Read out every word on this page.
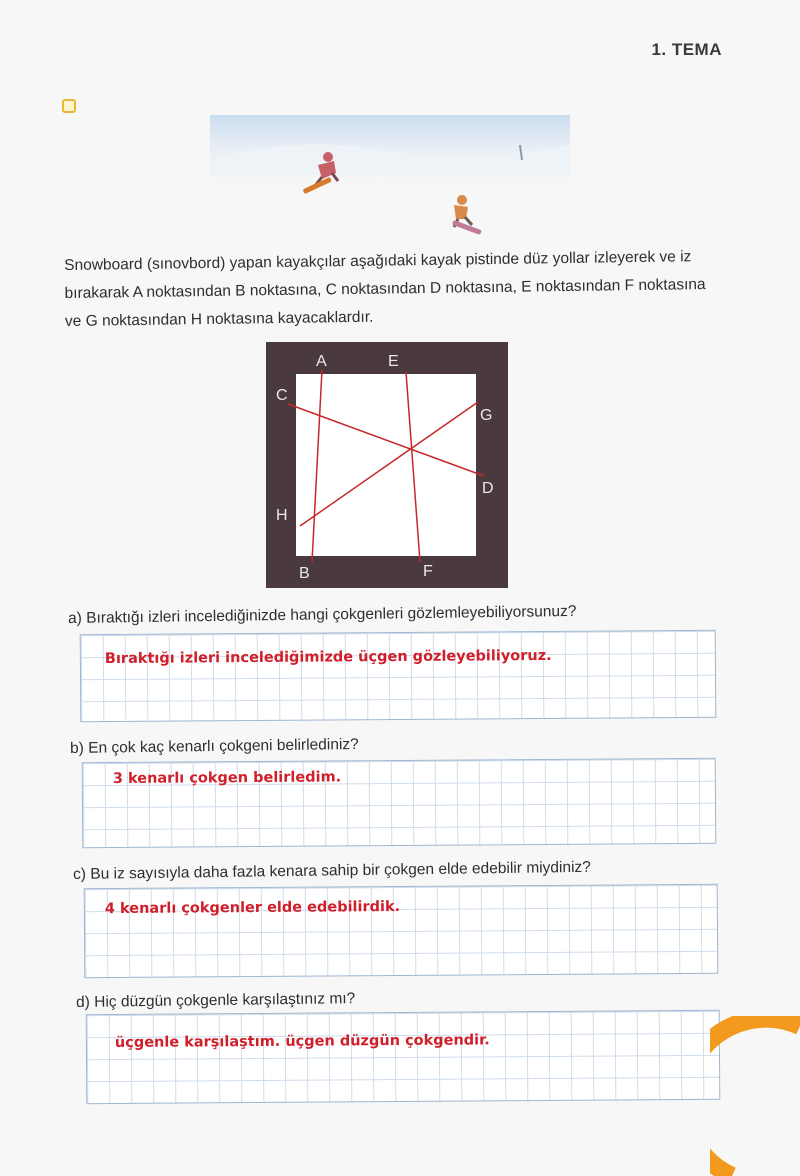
1. TEMA
Snowboard (sınovbord) yapan kayakçılar aşağıdaki kayak pistinde düz yollar izleyerek ve iz bırakarak A noktasından B noktasına, C noktasından D noktasına, E noktasından F noktasına ve G noktasından H noktasına kayacaklardır.
A
B
C
D
E
F
G
H
a) Bıraktığı izleri incelediğinizde hangi çokgenleri gözlemleyebiliyorsunuz?
Bıraktığı izleri incelediğimizde üçgen gözleyebiliyoruz.
b) En çok kaç kenarlı çokgeni belirlediniz?
3 kenarlı çokgen belirledim.
c) Bu iz sayısıyla daha fazla kenara sahip bir çokgen elde edebilir miydiniz?
4 kenarlı çokgenler elde edebilirdik.
d) Hiç düzgün çokgenle karşılaştınız mı?
üçgenle karşılaştım. üçgen düzgün çokgendir.
